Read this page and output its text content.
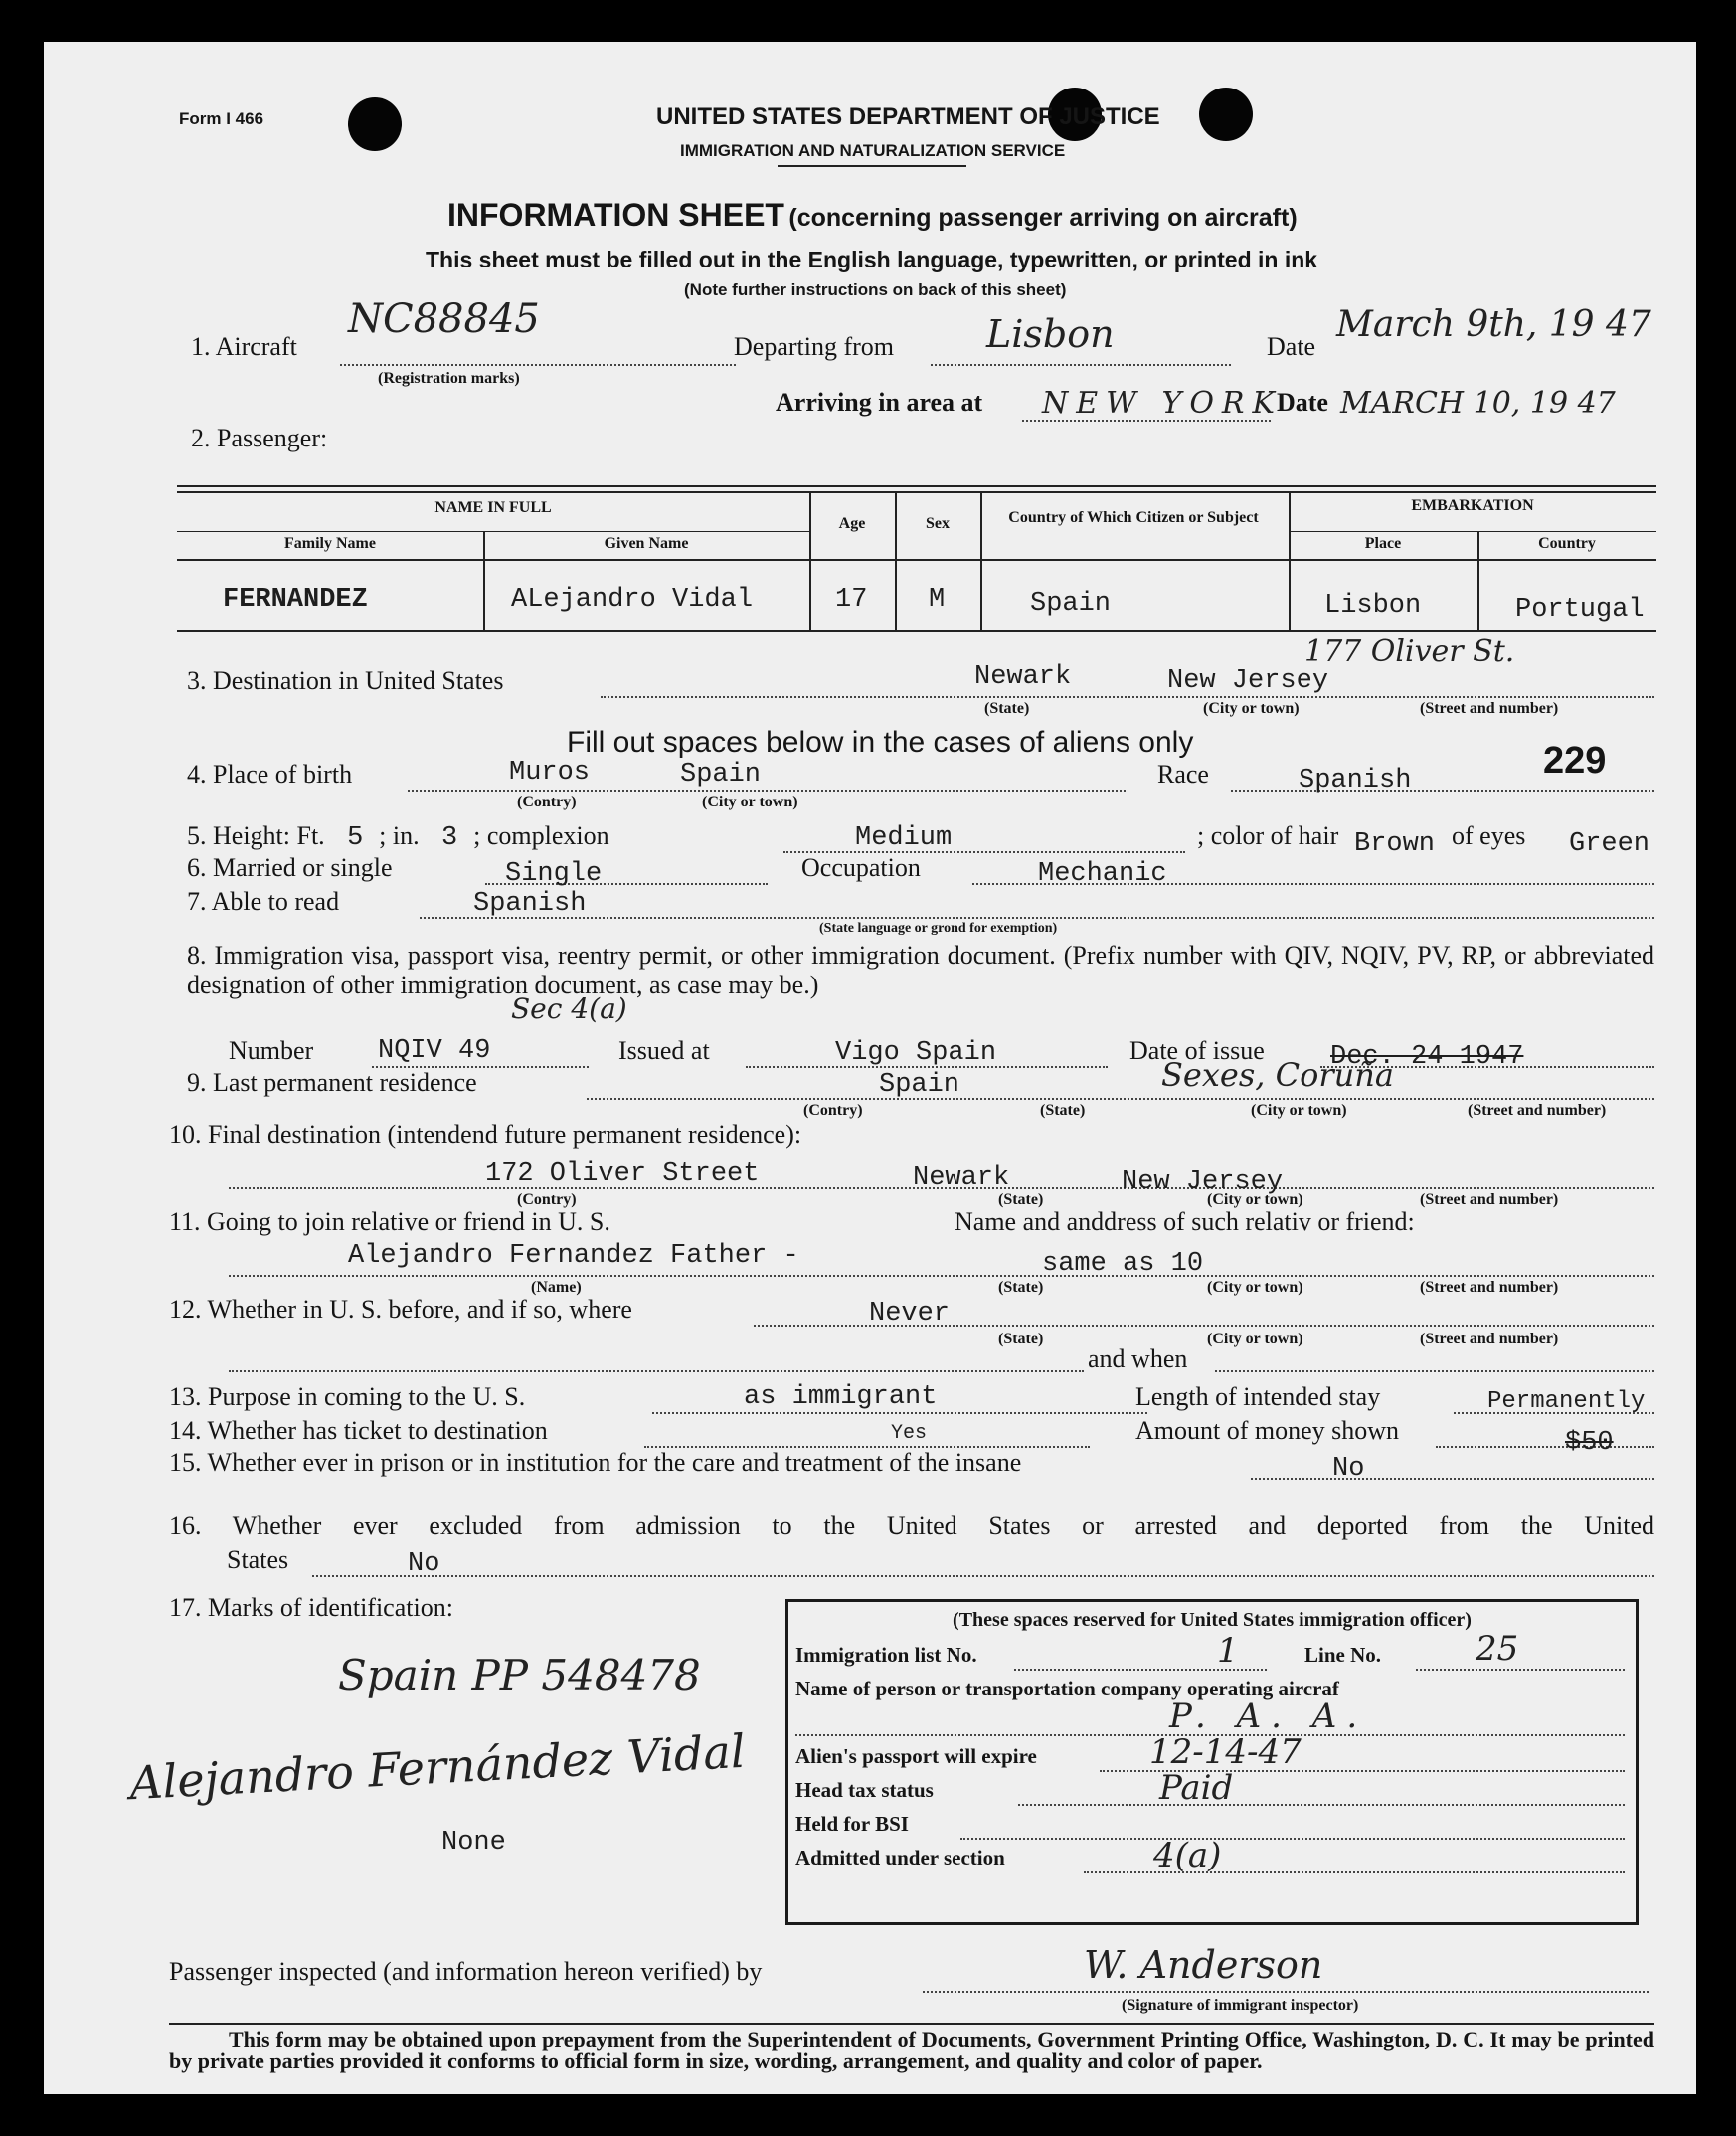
Form I 466	UNITED STATES DEPARTMENT OF JUSTICE
IMMIGRATION AND NATURALIZATION SERVICE
INFORMATION SHEET (concerning passenger arriving on aircraft)
This sheet must be filled out in the English language, typewritten, or printed in ink
(Note further instructions on back of this sheet)
1. Aircraft
NC88845
(Registration marks)
Departing from Lisbon	Date
March 9th, 19 47
Arriving in area at NEW YORK
Date MARCH 10, 19 47
2. Passenger:
NAME IN FULL
Family Name	Given Name
Age	Sex	Country of Which Citizen or Subject
EMBARKATION
Place	Country
FERNANDEZ	ALejandro Vidal	17 M	Spain	Lisbon	Portugal
3. Destination in United States	Newark	New Jersey
177 Oliver St.
(State)	(City or town)	(Street and number)
Fill out spaces below in the cases of aliens only
4. Place of birth	Muros	Spain
(Contry)	(City or town)
Race	Spanish	229
5. Height: Ft. 5 ; in. 3 ; complexion	Medium	; color of hair Brown of eyes Green
6. Married or single	Single	Occupation	Mechanic
7. Able to read	Spanish
(State language or grond for exemption)
8. Immigration visa, passport visa, reentry permit, or other immigration document. (Prefix number with QIV, NQIV, PV, RP, or abbreviated designation of other immigration document, as case may be.)
Sec 4(a)
Number NQIV 49	Issued at	Vigo Spain	Date of issue Dec. 24 1947
9. Last permanent residence	Spain	Sexes, Coruña
(Contry)	(State)	(City or town)	(Street and number)
10. Final destination (intendend future permanent residence):
172 Oliver Street	Newark	New Jersey
(Contry)	(State)	(City or town)	(Street and number)
11. Going to join relative or friend in U. S.	Name and anddress of such relativ or friend:
Alejandro Fernandez Father -	same as 10
(Name)	(State)	(City or town)	(Street and number)
12. Whether in U. S. before, and if so, where	Never
(State)	(City or town)	(Street and number)
and when
13. Purpose in coming to the U. S.	as immigrant	Length of intended stay	Permanently
14. Whether has ticket to destination	Yes	Amount of money shown	$50
15. Whether ever in prison or in institution for the care and treatment of the insane	No
16. Whether ever excluded from admission to the United States or arrested and deported from the United
States	No
17. Marks of identification:
Spain PP 548478
Alejandro Fernández Vidal
None
(These spaces reserved for United States immigration officer)
Immigration list No.	1	Line No.	25
Name of person or transportation company operating aircraf
P. A. A.
Alien's passport will expire	12-14-47
Head tax status	Paid
Held for BSI
Admitted under section	4(a)
Passenger inspected (and information hereon verified) by	W. Anderson
(Signature of immigrant inspector)
This form may be obtained upon prepayment from the Superintendent of Documents, Government Printing Office, Washington, D. C. It may be printed by private parties provided it conforms to official form in size, wording, arrangement, and quality and color of paper.
